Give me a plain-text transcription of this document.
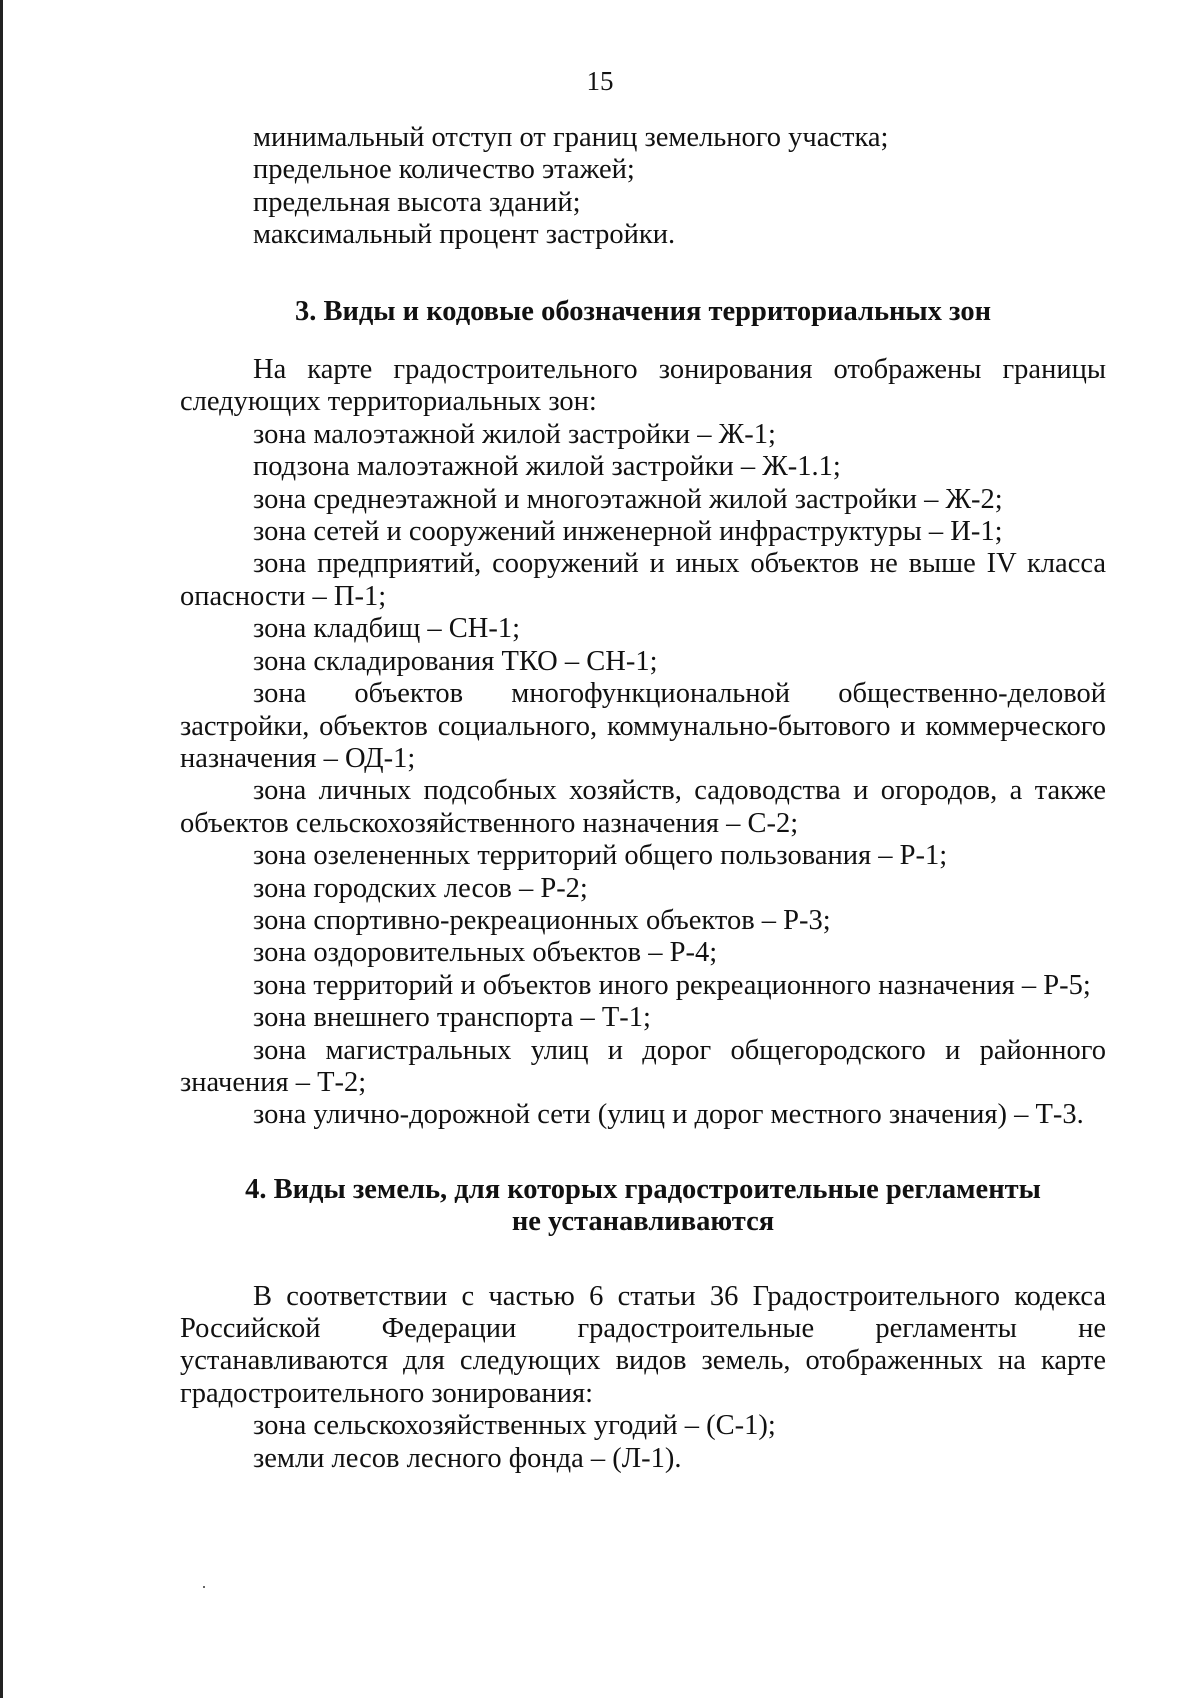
15
минимальный отступ от границ земельного участка;
предельное количество этажей;
предельная высота зданий;
максимальный процент застройки.
3. Виды и кодовые обозначения территориальных зон
На карте градостроительного зонирования отображены границы
следующих территориальных зон:
зона малоэтажной жилой застройки – Ж-1;
подзона малоэтажной жилой застройки – Ж-1.1;
зона среднеэтажной и многоэтажной жилой застройки – Ж-2;
зона сетей и сооружений инженерной инфраструктуры – И-1;
зона предприятий, сооружений и иных объектов не выше IV класса
опасности – П-1;
зона кладбищ – СН-1;
зона складирования ТКО – СН-1;
зона объектов многофункциональной общественно-деловой
застройки, объектов социального, коммунально-бытового и коммерческого
назначения – ОД-1;
зона личных подсобных хозяйств, садоводства и огородов, а также
объектов сельскохозяйственного назначения – С-2;
зона озелененных территорий общего пользования – Р-1;
зона городских лесов – Р-2;
зона спортивно-рекреационных объектов – Р-3;
зона оздоровительных объектов – Р-4;
зона территорий и объектов иного рекреационного назначения – Р-5;
зона внешнего транспорта – Т-1;
зона магистральных улиц и дорог общегородского и районного
значения – Т-2;
зона улично-дорожной сети (улиц и дорог местного значения) – Т-3.
4. Виды земель, для которых градостроительные регламенты
не устанавливаются
В соответствии с частью 6 статьи 36 Градостроительного кодекса
Российской Федерации градостроительные регламенты не
устанавливаются для следующих видов земель, отображенных на карте
градостроительного зонирования:
зона сельскохозяйственных угодий – (С-1);
земли лесов лесного фонда – (Л-1).
